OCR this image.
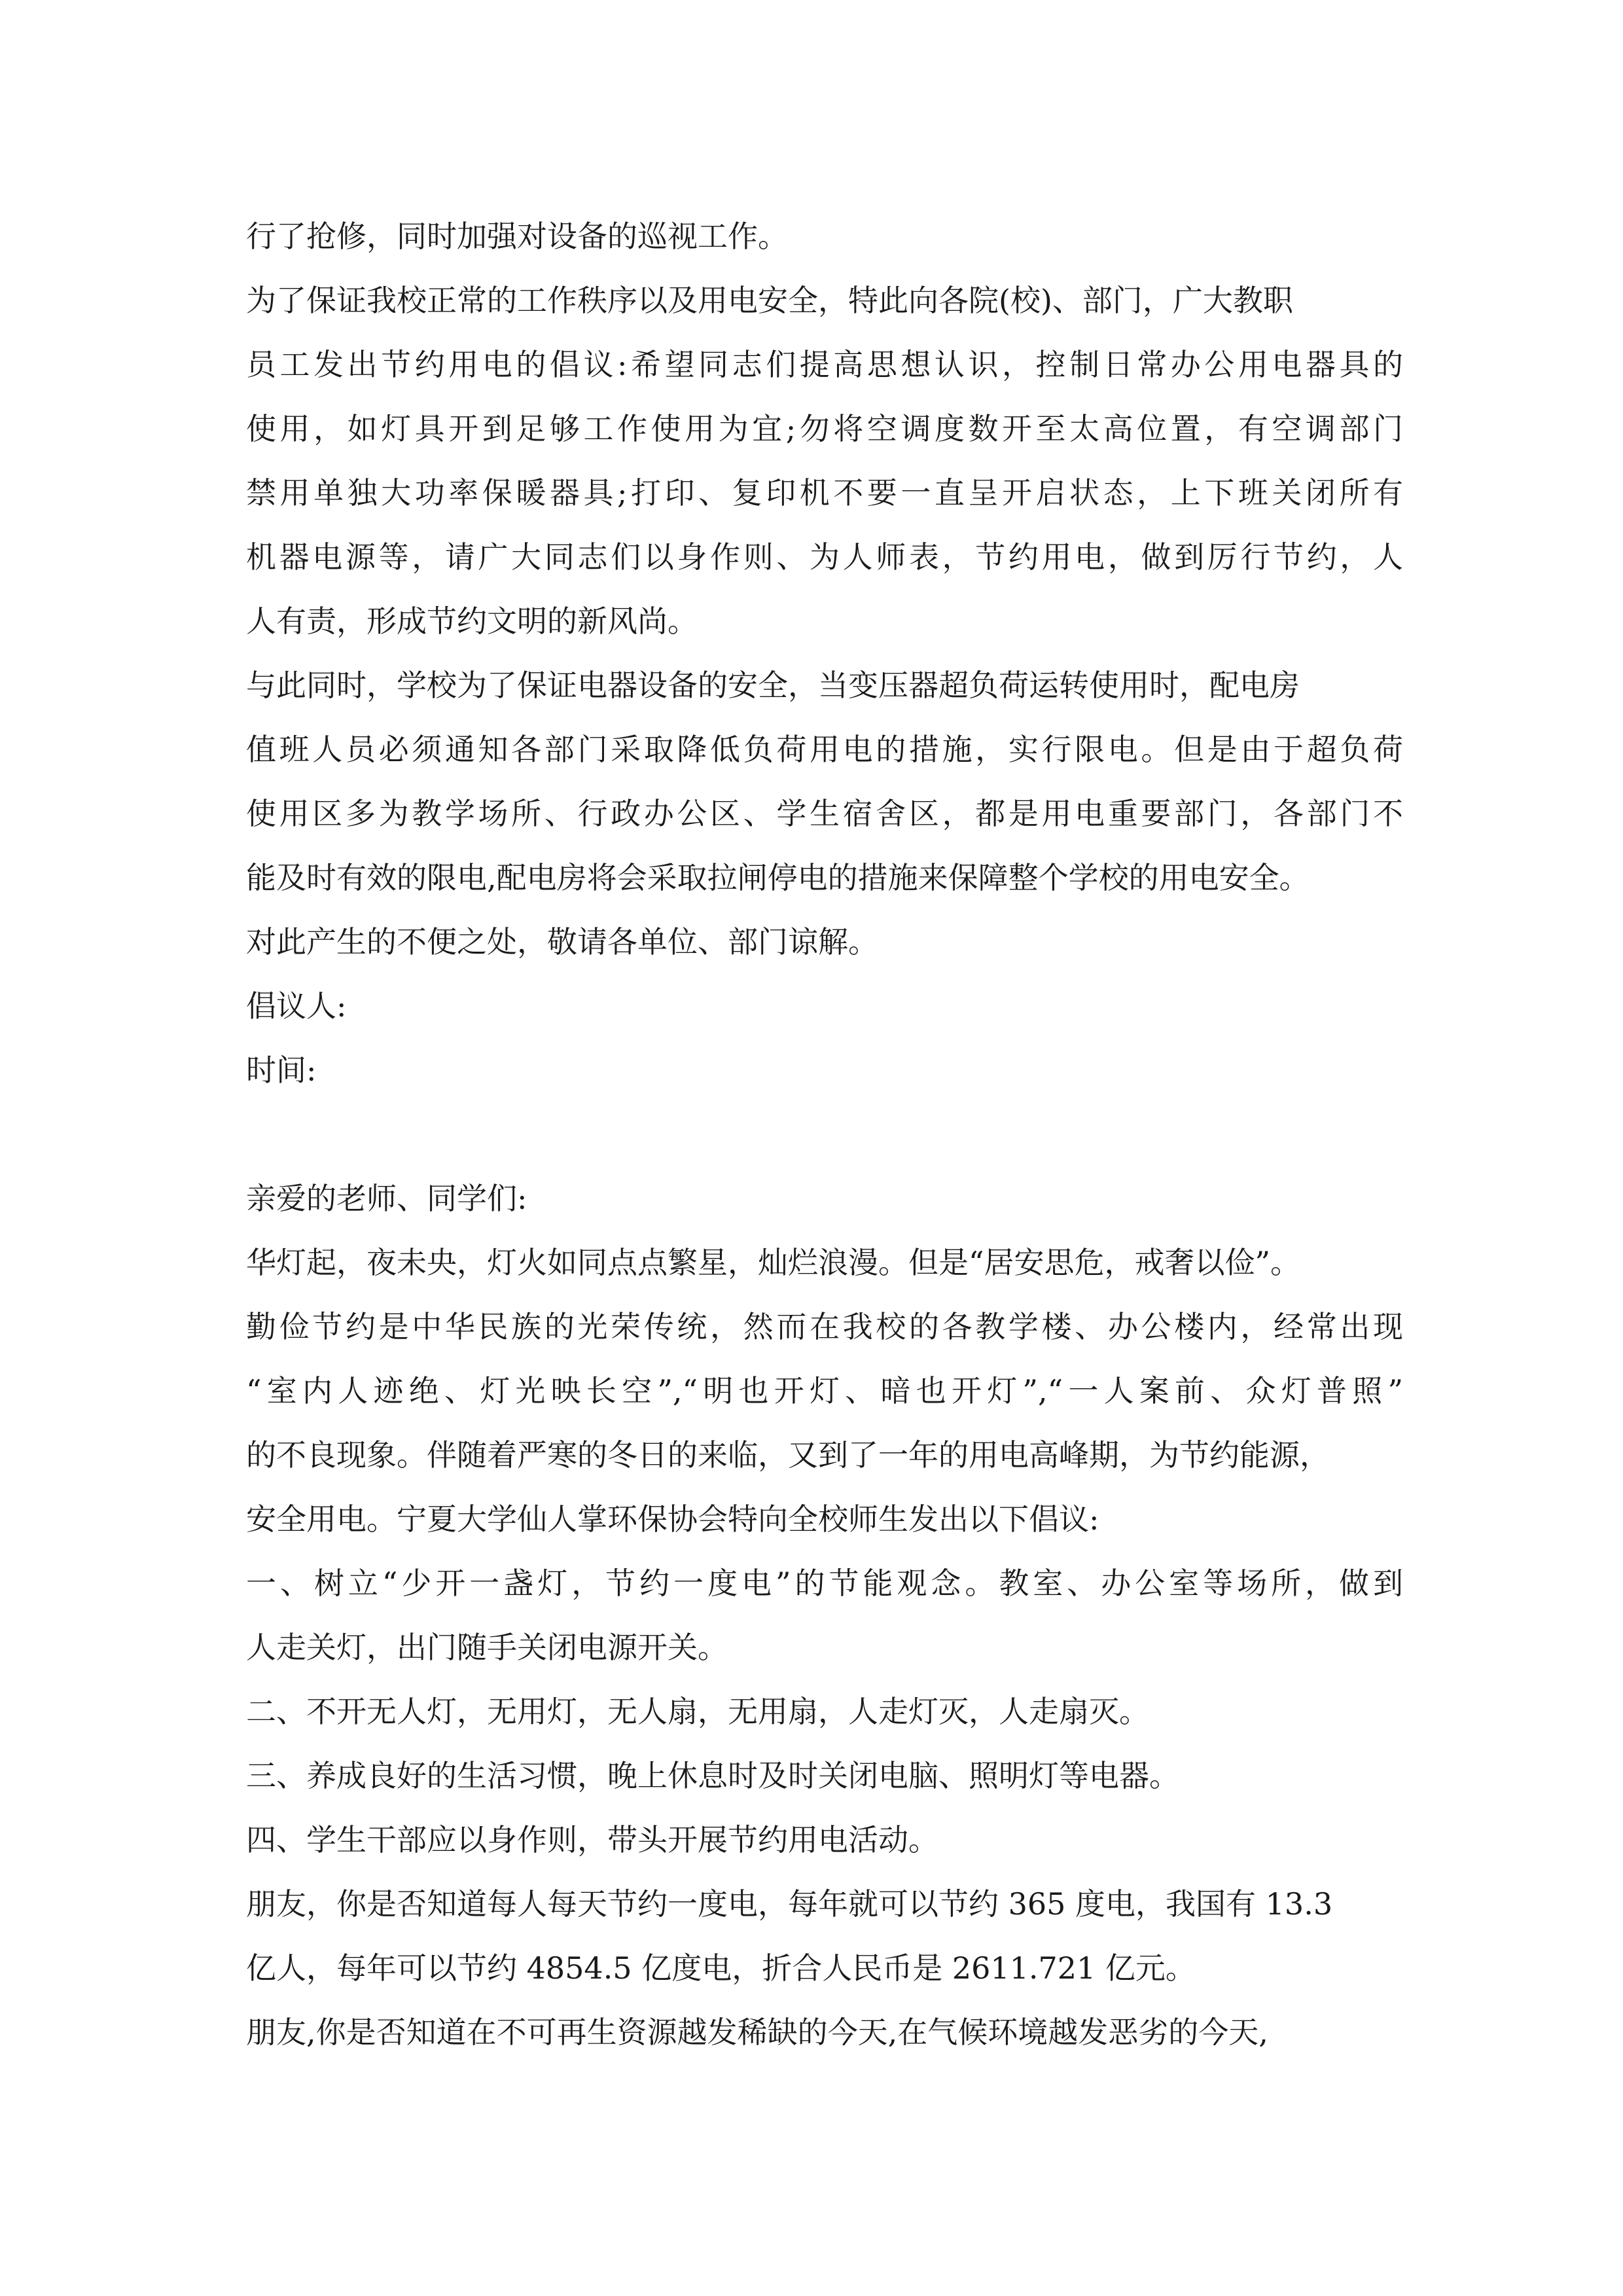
行了抢修，同时加强对设备的巡视工作。
为了保证我校正常的工作秩序以及用电安全，特此向各院(校)、部门，广大教职
员工发出节约用电的倡议:希望同志们提高思想认识，控制日常办公用电器具的
使用，如灯具开到足够工作使用为宜;勿将空调度数开至太高位置，有空调部门
禁用单独大功率保暖器具;打印、复印机不要一直呈开启状态，上下班关闭所有
机器电源等，请广大同志们以身作则、为人师表，节约用电，做到厉行节约，人
人有责，形成节约文明的新风尚。
与此同时，学校为了保证电器设备的安全，当变压器超负荷运转使用时，配电房
值班人员必须通知各部门采取降低负荷用电的措施，实行限电。但是由于超负荷
使用区多为教学场所、行政办公区、学生宿舍区，都是用电重要部门，各部门不
能及时有效的限电,配电房将会采取拉闸停电的措施来保障整个学校的用电安全。
对此产生的不便之处，敬请各单位、部门谅解。
倡议人:
时间:
亲爱的老师、同学们:
华灯起，夜未央，灯火如同点点繁星，灿烂浪漫。但是“居安思危，戒奢以俭”。
勤俭节约是中华民族的光荣传统，然而在我校的各教学楼、办公楼内，经常出现
“室内人迹绝、灯光映长空”,“明也开灯、暗也开灯”,“一人案前、众灯普照”
的不良现象。伴随着严寒的冬日的来临，又到了一年的用电高峰期，为节约能源，
安全用电。宁夏大学仙人掌环保协会特向全校师生发出以下倡议:
一、树立“少开一盏灯，节约一度电”的节能观念。教室、办公室等场所，做到
人走关灯，出门随手关闭电源开关。
二、不开无人灯，无用灯，无人扇，无用扇，人走灯灭，人走扇灭。
三、养成良好的生活习惯，晚上休息时及时关闭电脑、照明灯等电器。
四、学生干部应以身作则，带头开展节约用电活动。
朋友，你是否知道每人每天节约一度电，每年就可以节约 365 度电，我国有 13.3
亿人，每年可以节约 4854.5 亿度电，折合人民币是 2611.721 亿元。
朋友,你是否知道在不可再生资源越发稀缺的今天,在气候环境越发恶劣的今天,
